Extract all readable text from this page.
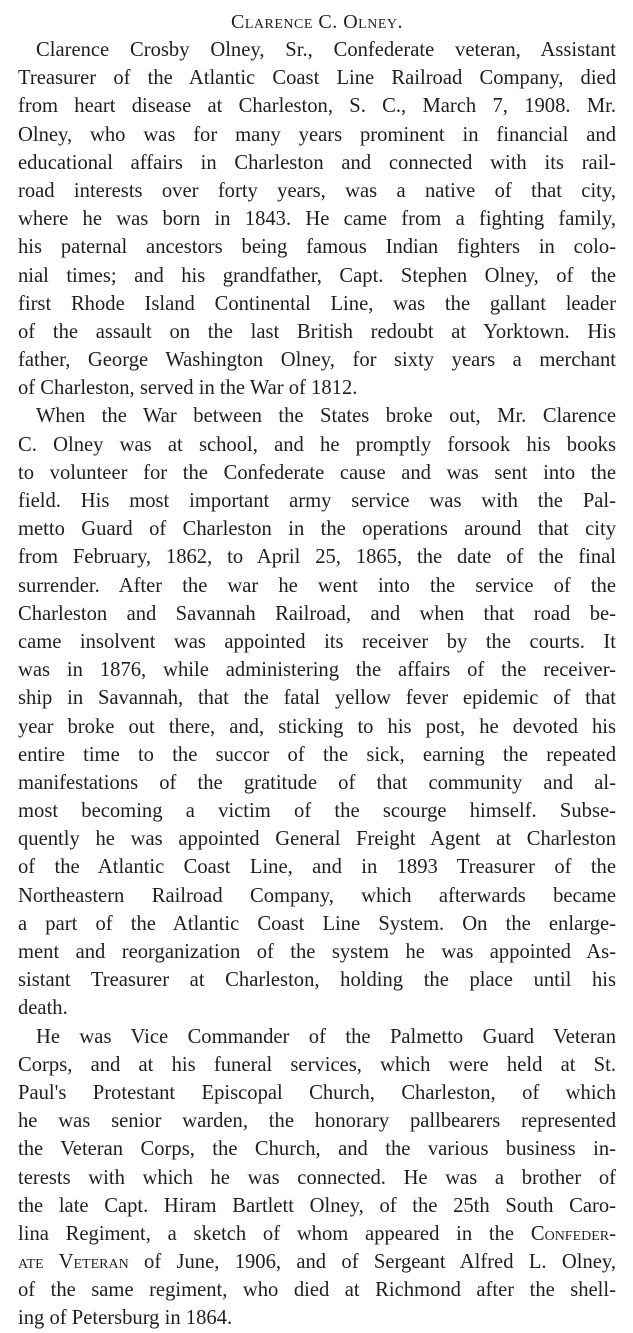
Clarence C. Olney.
Clarence Crosby Olney, Sr., Confederate veteran, Assistant
Treasurer of the Atlantic Coast Line Railroad Company, died
from heart disease at Charleston, S. C., March 7, 1908. Mr.
Olney, who was for many years prominent in financial and
educational affairs in Charleston and connected with its rail-
road interests over forty years, was a native of that city,
where he was born in 1843. He came from a fighting family,
his paternal ancestors being famous Indian fighters in colo-
nial times; and his grandfather, Capt. Stephen Olney, of the
first Rhode Island Continental Line, was the gallant leader
of the assault on the last British redoubt at Yorktown. His
father, George Washington Olney, for sixty years a merchant
of Charleston, served in the War of 1812.
When the War between the States broke out, Mr. Clarence
C. Olney was at school, and he promptly forsook his books
to volunteer for the Confederate cause and was sent into the
field. His most important army service was with the Pal-
metto Guard of Charleston in the operations around that city
from February, 1862, to April 25, 1865, the date of the final
surrender. After the war he went into the service of the
Charleston and Savannah Railroad, and when that road be-
came insolvent was appointed its receiver by the courts. It
was in 1876, while administering the affairs of the receiver-
ship in Savannah, that the fatal yellow fever epidemic of that
year broke out there, and, sticking to his post, he devoted his
entire time to the succor of the sick, earning the repeated
manifestations of the gratitude of that community and al-
most becoming a victim of the scourge himself. Subse-
quently he was appointed General Freight Agent at Charleston
of the Atlantic Coast Line, and in 1893 Treasurer of the
Northeastern Railroad Company, which afterwards became
a part of the Atlantic Coast Line System. On the enlarge-
ment and reorganization of the system he was appointed As-
sistant Treasurer at Charleston, holding the place until his
death.
He was Vice Commander of the Palmetto Guard Veteran
Corps, and at his funeral services, which were held at St.
Paul's Protestant Episcopal Church, Charleston, of which
he was senior warden, the honorary pallbearers represented
the Veteran Corps, the Church, and the various business in-
terests with which he was connected. He was a brother of
the late Capt. Hiram Bartlett Olney, of the 25th South Caro-
lina Regiment, a sketch of whom appeared in the Confeder-
ate Veteran of June, 1906, and of Sergeant Alfred L. Olney,
of the same regiment, who died at Richmond after the shell-
ing of Petersburg in 1864.
